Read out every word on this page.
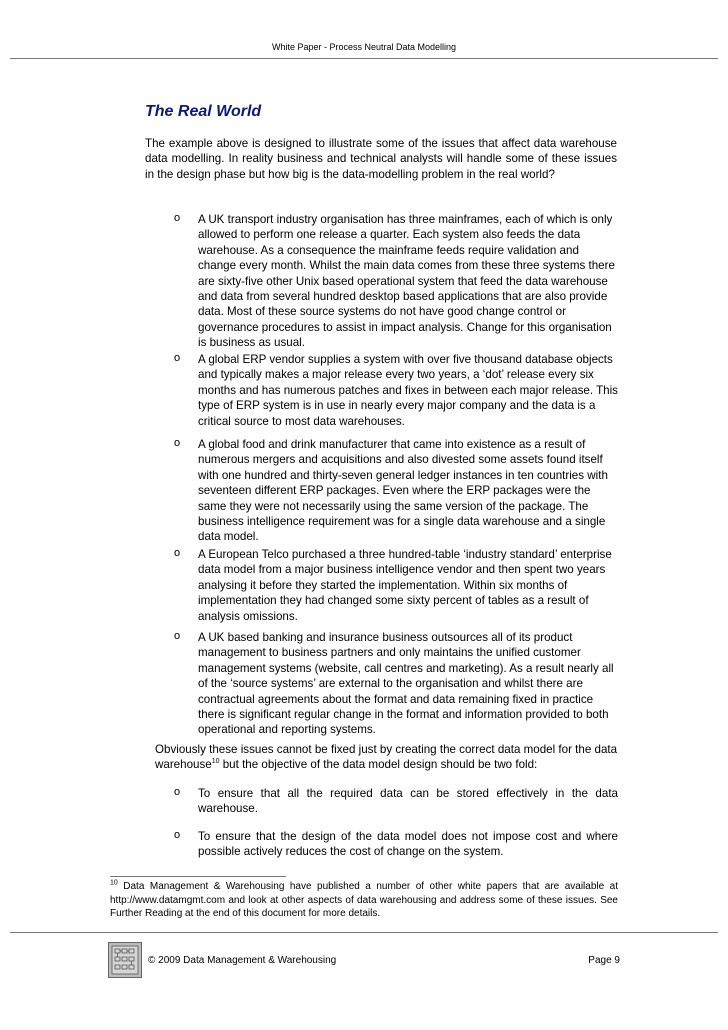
White Paper - Process Neutral Data Modelling
The Real World

The example above is designed to illustrate some of the issues that affect data warehouse data modelling. In reality business and technical analysts will handle some of these issues in the design phase but how big is the data-modelling problem in the real world?

o A UK transport industry organisation has three mainframes, each of which is only allowed to perform one release a quarter. Each system also feeds the data warehouse. As a consequence the mainframe feeds require validation and change every month. Whilst the main data comes from these three systems there are sixty-five other Unix based operational system that feed the data warehouse and data from several hundred desktop based applications that are also provide data. Most of these source systems do not have good change control or governance procedures to assist in impact analysis. Change for this organisation is business as usual.

o A global ERP vendor supplies a system with over five thousand database objects and typically makes a major release every two years, a ‘dot’ release every six months and has numerous patches and fixes in between each major release. This type of ERP system is in use in nearly every major company and the data is a critical source to most data warehouses.

o A global food and drink manufacturer that came into existence as a result of numerous mergers and acquisitions and also divested some assets found itself with one hundred and thirty-seven general ledger instances in ten countries with seventeen different ERP packages. Even where the ERP packages were the same they were not necessarily using the same version of the package. The business intelligence requirement was for a single data warehouse and a single data model.

o A European Telco purchased a three hundred-table ‘industry standard’ enterprise data model from a major business intelligence vendor and then spent two years analysing it before they started the implementation. Within six months of implementation they had changed some sixty percent of tables as a result of analysis omissions.

o A UK based banking and insurance business outsources all of its product management to business partners and only maintains the unified customer management systems (website, call centres and marketing). As a result nearly all of the ‘source systems’ are external to the organisation and whilst there are contractual agreements about the format and data remaining fixed in practice there is significant regular change in the format and information provided to both operational and reporting systems.

Obviously these issues cannot be fixed just by creating the correct data model for the data warehouse$^{10}$ but the objective of the data model design should be two fold:

o To ensure that all the required data can be stored effectively in the data warehouse.

o To ensure that the design of the data model does not impose cost and where possible actively reduces the cost of change on the system.

$^{10}$ Data Management & Warehousing have published a number of other white papers that are available at http://www.datamgmt.com and look at other aspects of data warehousing and address some of these issues. See Further Reading at the end of this document for more details.

© 2009 Data Management & Warehousing	Page 9
